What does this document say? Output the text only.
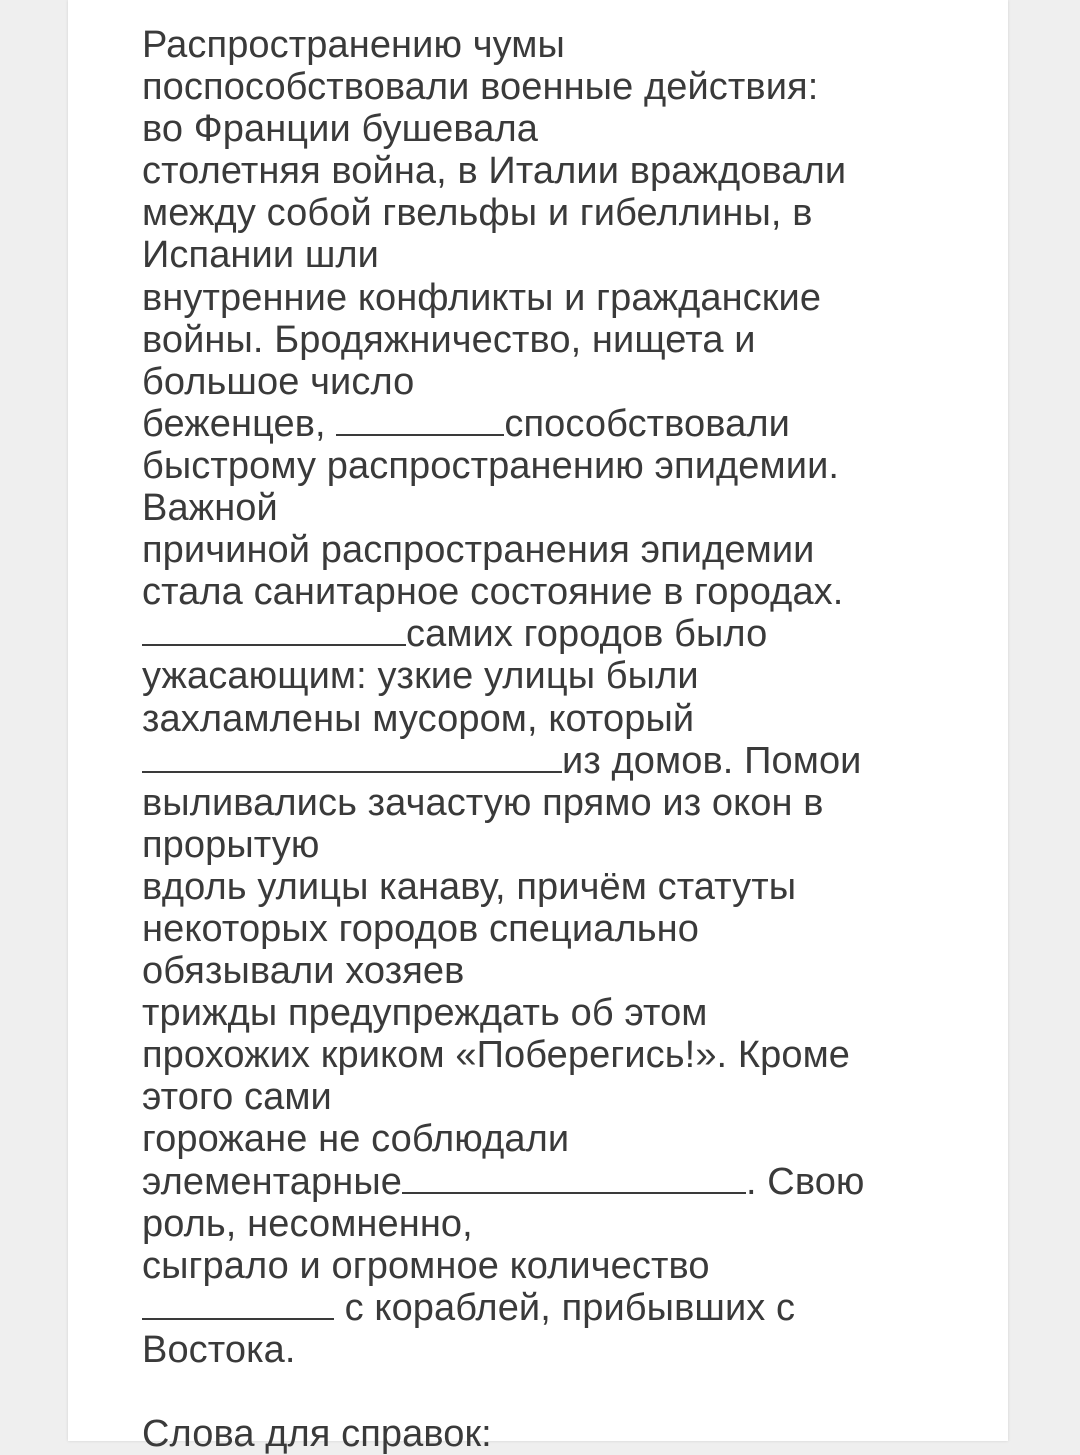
Распространению чумы
поспособствовали военные действия:
во Франции бушевала
столетняя война, в Италии враждовали
между собой гвельфы и гибеллины, в
Испании шли
внутренние конфликты и гражданские
войны. Бродяжничество, нищета и
большое число
беженцев,	способствовали
быстрому распространению эпидемии.
Важной
причиной распространения эпидемии
стала санитарное состояние в городах.
самих городов было
ужасающим: узкие улицы были
захламлены мусором, который
из домов. Помои
выливались зачастую прямо из окон в
прорытую
вдоль улицы канаву, причём статуты
некоторых городов специально
обязывали хозяев
трижды предупреждать об этом
прохожих криком «Поберегись!». Кроме
этого сами
горожане не соблюдали
элементарные	. Свою
роль, несомненно,
сыграло и огромное количество
с кораблей, прибывших с
Востока.
Слова для справок:
